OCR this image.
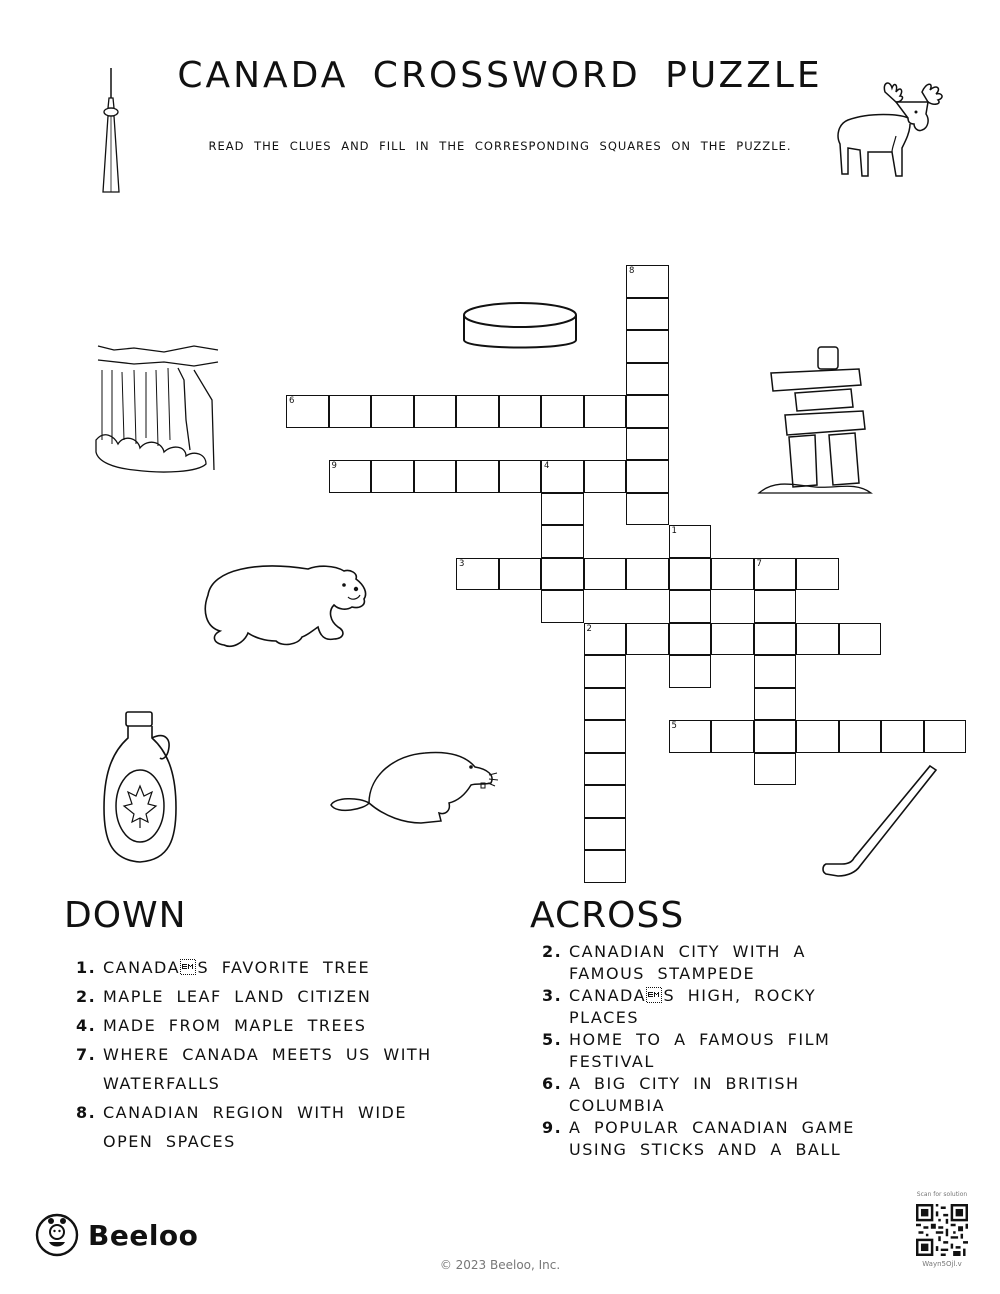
CANADA CROSSWORD PUZZLE
READ THE CLUES AND FILL IN THE CORRESPONDING SQUARES ON THE PUZZLE.
8
6
9	4
1
3	7
2
5
DOWN
1. CANADAS FAVORITE TREE
2. MAPLE LEAF LAND CITIZEN
4. MADE FROM MAPLE TREES
7. WHERE CANADA MEETS US WITH WATERFALLS
8. CANADIAN REGION WITH WIDE OPEN SPACES
ACROSS
2. CANADIAN CITY WITH A FAMOUS STAMPEDE
3. CANADAS HIGH, ROCKY PLACES
5. HOME TO A FAMOUS FILM FESTIVAL
6. A BIG CITY IN BRITISH COLUMBIA
9. A POPULAR CANADIAN GAME USING STICKS AND A BALL
Beeloo
© 2023 Beeloo, Inc.
Scan for solution
Wayn5Ojl.v
